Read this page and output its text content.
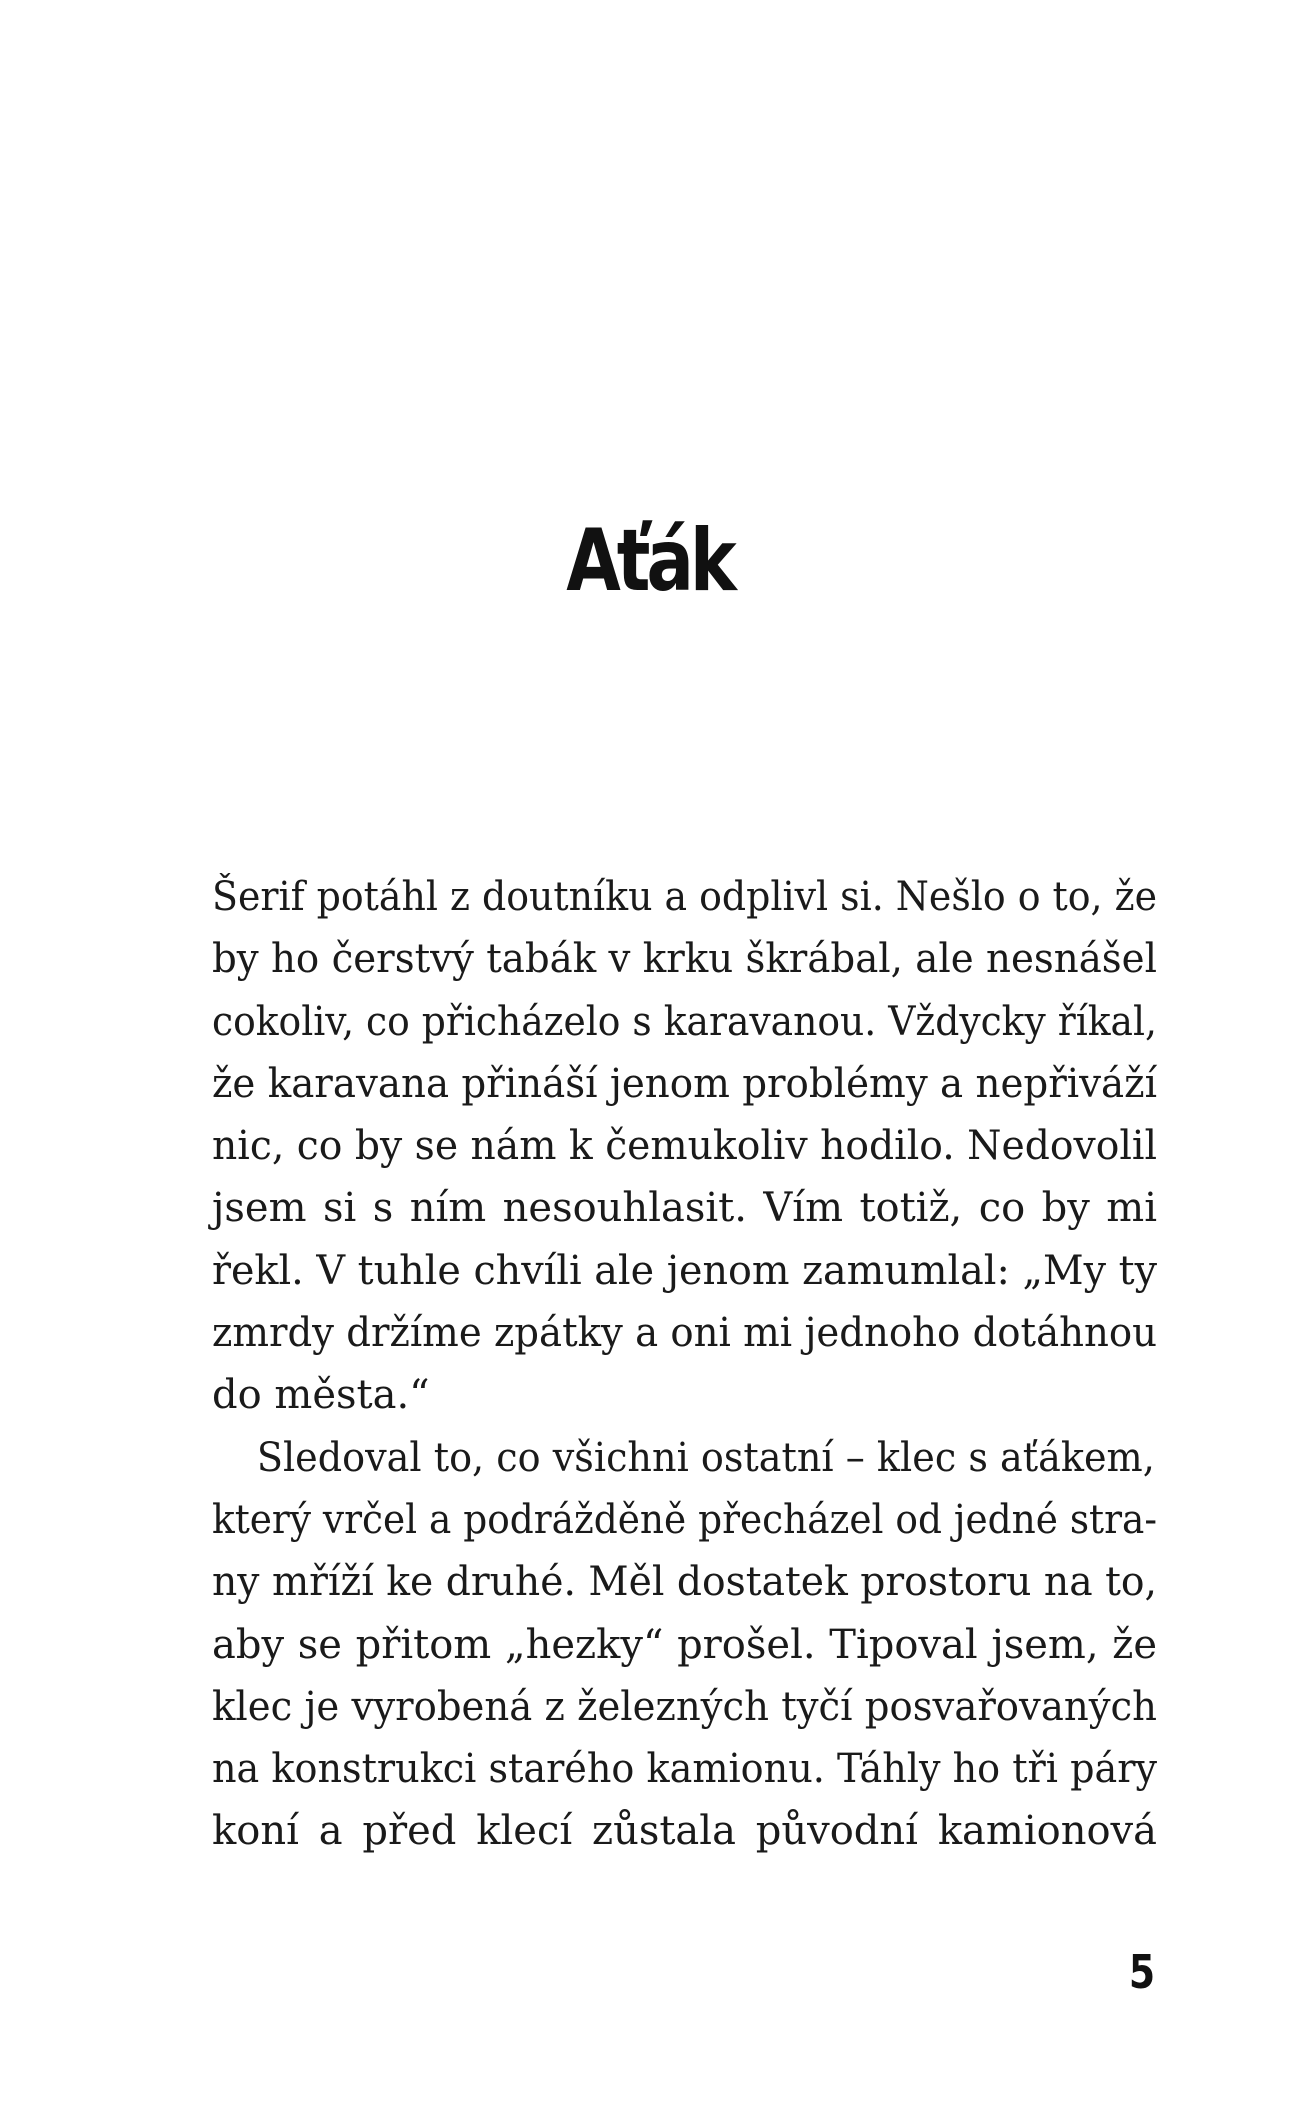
Aťák
Šerif potáhl z doutníku a odplivl si. Nešlo o to, že
by ho čerstvý tabák v krku škrábal, ale nesnášel
cokoliv, co přicházelo s karavanou. Vždycky říkal,
že karavana přináší jenom problémy a nepřiváží
nic, co by se nám k čemukoliv hodilo. Nedovolil
jsem si s ním nesouhlasit. Vím totiž, co by mi
řekl. V tuhle chvíli ale jenom zamumlal: „My ty
zmrdy držíme zpátky a oni mi jednoho dotáhnou
do města.“
Sledoval to, co všichni ostatní – klec s aťákem,
který vrčel a podrážděně přecházel od jedné stra-
ny mříží ke druhé. Měl dostatek prostoru na to,
aby se přitom „hezky“ prošel. Tipoval jsem, že
klec je vyrobená z železných tyčí posvařovaných
na konstrukci starého kamionu. Táhly ho tři páry
koní a před klecí zůstala původní kamionová
5
